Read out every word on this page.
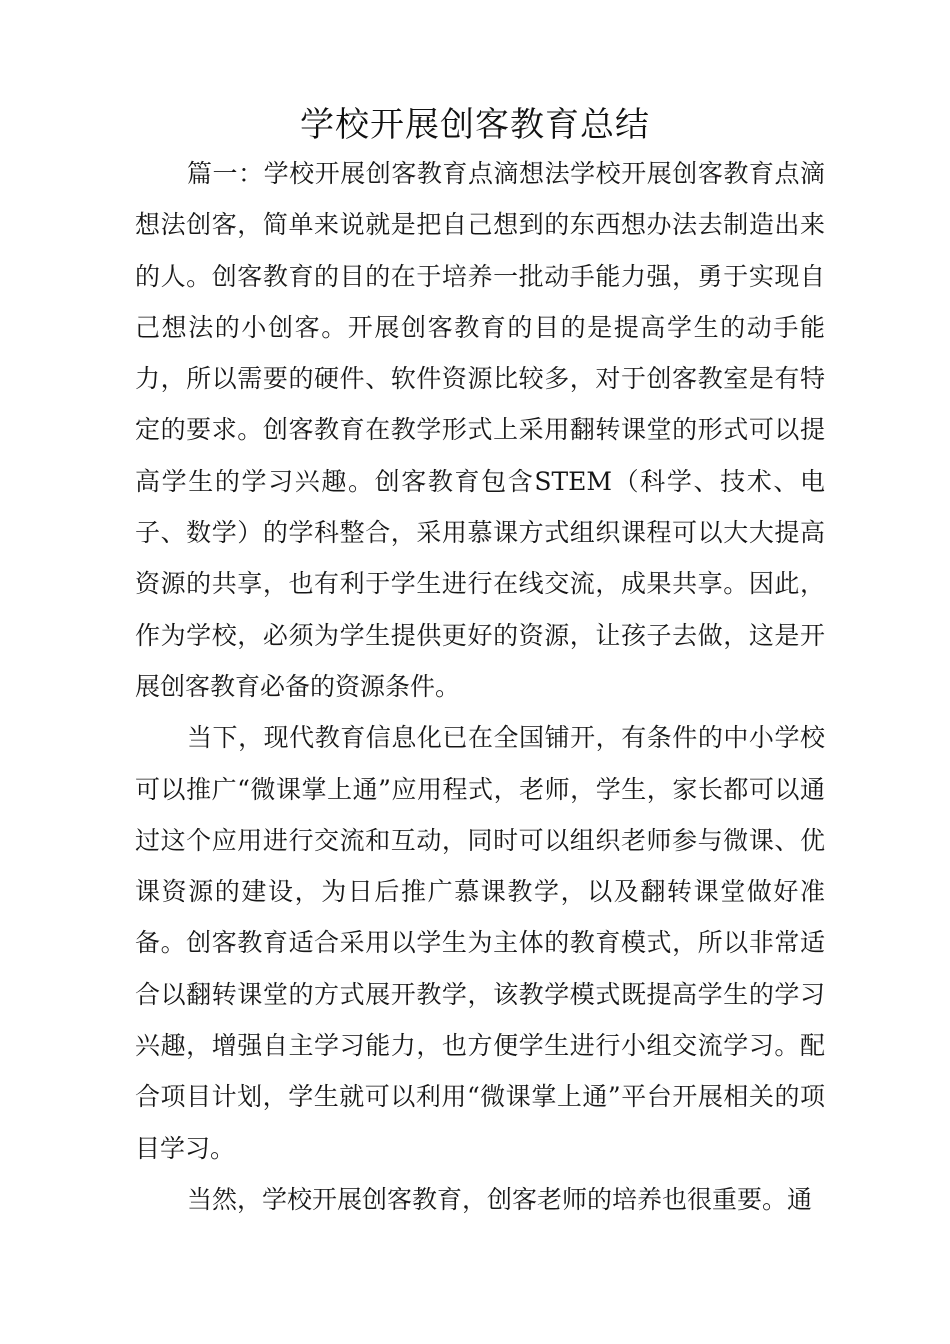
学校开展创客教育总结

篇一：学校开展创客教育点滴想法学校开展创客教育点滴想法创客，简单来说就是把自己想到的东西想办法去制造出来的人。创客教育的目的在于培养一批动手能力强，勇于实现自己想法的小创客。开展创客教育的目的是提高学生的动手能力，所以需要的硬件、软件资源比较多，对于创客教室是有特定的要求。创客教育在教学形式上采用翻转课堂的形式可以提高学生的学习兴趣。创客教育包含STEM（科学、技术、电子、数学）的学科整合，采用慕课方式组织课程可以大大提高资源的共享，也有利于学生进行在线交流，成果共享。因此，作为学校，必须为学生提供更好的资源，让孩子去做，这是开展创客教育必备的资源条件。

当下，现代教育信息化已在全国铺开，有条件的中小学校可以推广“微课掌上通”应用程式，老师，学生，家长都可以通过这个应用进行交流和互动，同时可以组织老师参与微课、优课资源的建设，为日后推广慕课教学，以及翻转课堂做好准备。创客教育适合采用以学生为主体的教育模式，所以非常适合以翻转课堂的方式展开教学，该教学模式既提高学生的学习兴趣，增强自主学习能力，也方便学生进行小组交流学习。配合项目计划，学生就可以利用“微课掌上通”平台开展相关的项目学习。

当然，学校开展创客教育，创客老师的培养也很重要。通
